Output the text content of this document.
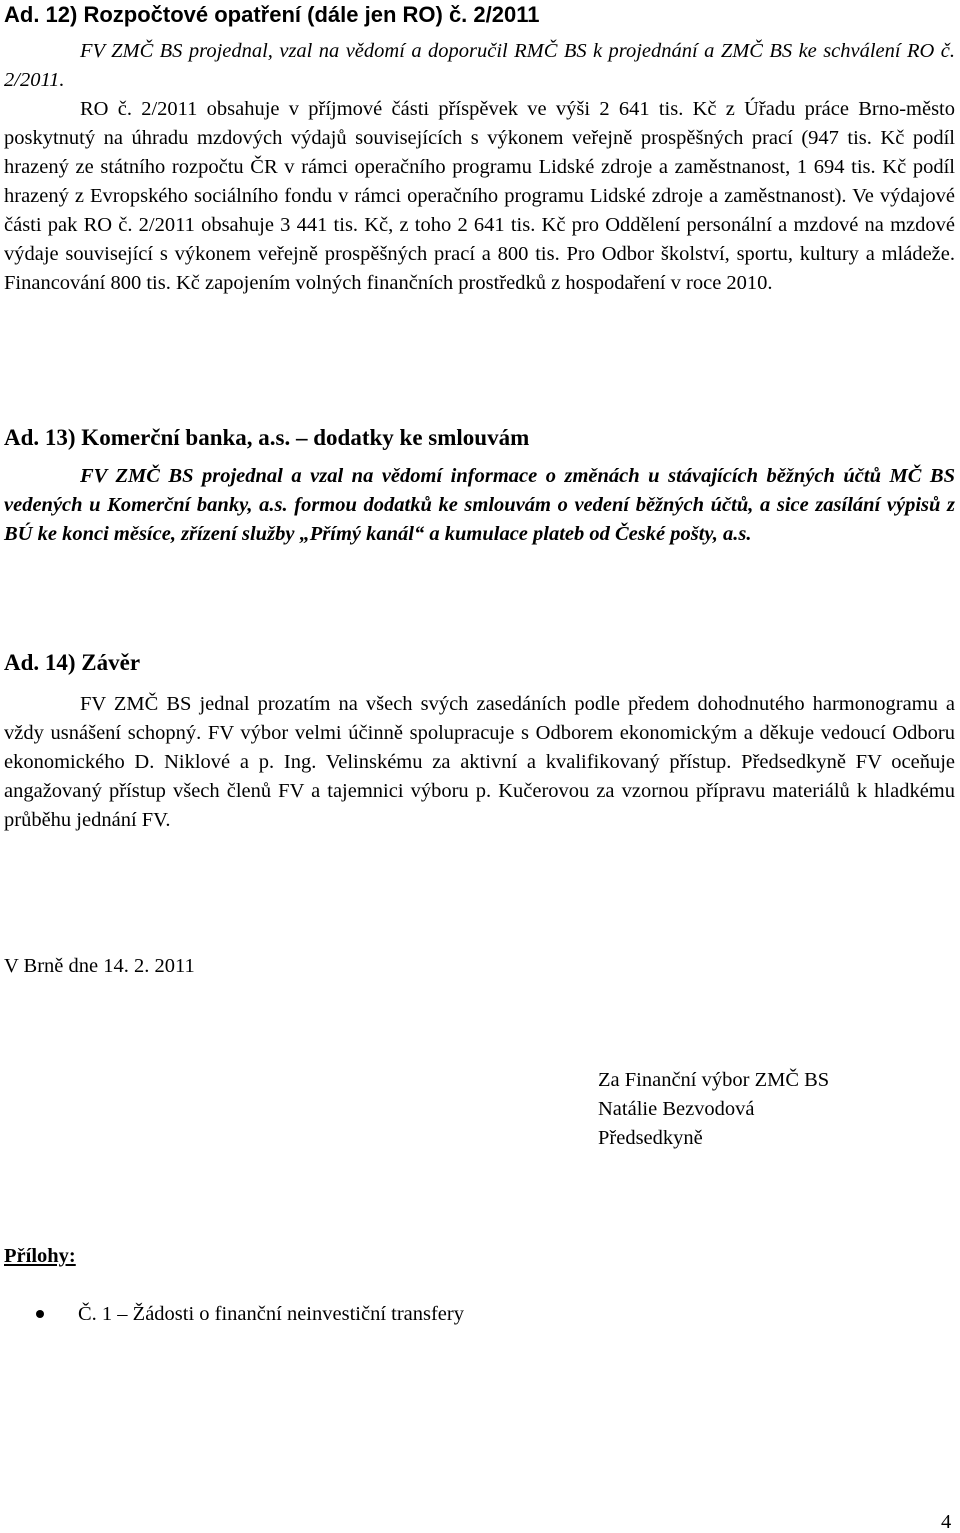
Ad. 12) Rozpočtové opatření (dále jen RO) č. 2/2011
FV ZMČ BS projednal, vzal na vědomí a doporučil RMČ BS k projednání a ZMČ BS ke schválení RO č. 2/2011.
RO č. 2/2011 obsahuje v příjmové části příspěvek ve výši 2 641 tis. Kč z Úřadu práce Brno-město poskytnutý na úhradu mzdových výdajů souvisejících s výkonem veřejně prospěšných prací (947 tis. Kč podíl hrazený ze státního rozpočtu ČR v rámci operačního programu Lidské zdroje a zaměstnanost, 1 694 tis. Kč podíl hrazený z Evropského sociálního fondu v rámci operačního programu Lidské zdroje a zaměstnanost). Ve výdajové části pak RO č. 2/2011 obsahuje 3 441 tis. Kč, z toho 2 641 tis. Kč pro Oddělení personální a mzdové na mzdové výdaje související s výkonem veřejně prospěšných prací a 800 tis. Pro Odbor školství, sportu, kultury a mládeže. Financování 800 tis. Kč zapojením volných finančních prostředků z hospodaření v roce 2010.
Ad. 13) Komerční banka, a.s. – dodatky ke smlouvám
FV ZMČ BS projednal a vzal na vědomí informace o změnách u stávajících běžných účtů MČ BS vedených u Komerční banky, a.s. formou dodatků ke smlouvám o vedení běžných účtů, a sice zasílání výpisů z BÚ ke konci měsíce, zřízení služby „Přímý kanál“ a kumulace plateb od České pošty, a.s.
Ad. 14) Závěr
FV ZMČ BS jednal prozatím na všech svých zasedáních podle předem dohodnutého harmonogramu a vždy usnášení schopný. FV výbor velmi účinně spolupracuje s Odborem ekonomickým a děkuje vedoucí Odboru ekonomického D. Niklové a p. Ing. Velinskému za aktivní a kvalifikovaný přístup. Předsedkyně FV oceňuje angažovaný přístup všech členů FV a tajemnici výboru p. Kučerovou za vzornou přípravu materiálů k hladkému průběhu jednání FV.
V Brně dne 14. 2. 2011
Za Finanční výbor ZMČ BS
Natálie Bezvodová
Předsedkyně
Přílohy:
Č. 1 – Žádosti o finanční neinvestiční transfery
4
